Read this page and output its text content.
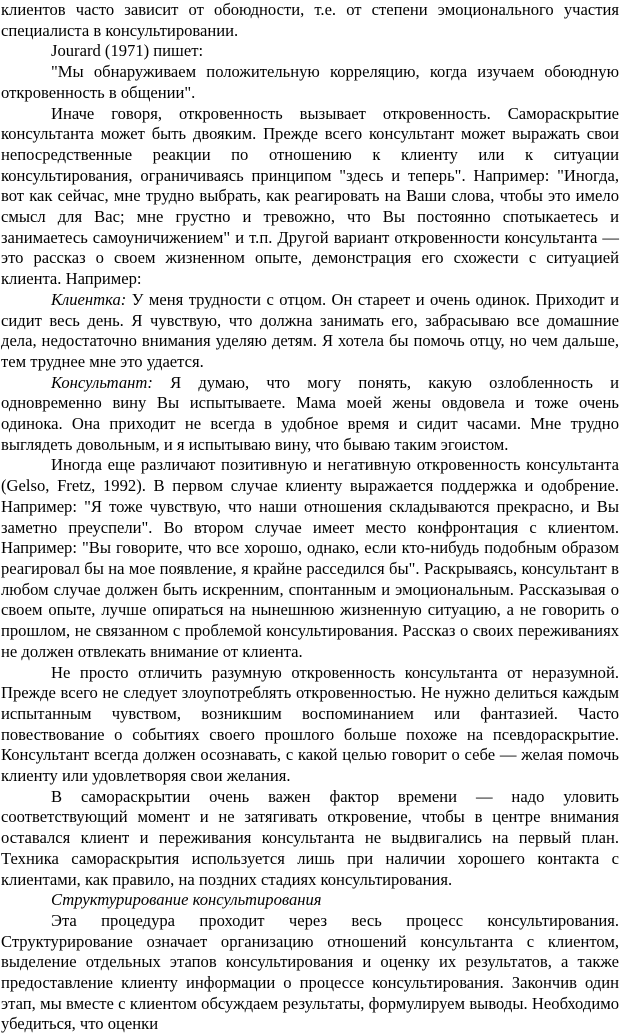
клиентов часто зависит от обоюдности, т.е. от степени эмоционального участия специалиста в консультировании.

Jourard (1971) пишет:

"Мы обнаруживаем положительную корреляцию, когда изучаем обоюдную откровенность в общении".

Иначе говоря, откровенность вызывает откровенность. Самораскрытие консультанта может быть двояким. Прежде всего консультант может выражать свои непосредственные реакции по отношению к клиенту или к ситуации консультирования, ограничиваясь принципом "здесь и теперь". Например: "Иногда, вот как сейчас, мне трудно выбрать, как реагировать на Ваши слова, чтобы это имело смысл для Вас; мне грустно и тревожно, что Вы постоянно спотыкаетесь и занимаетесь самоуничижением" и т.п. Другой вариант откровенности консультанта — это рассказ о своем жизненном опыте, демонстрация его схожести с ситуацией клиента. Например:

Клиентка: У меня трудности с отцом. Он стареет и очень одинок. Приходит и сидит весь день. Я чувствую, что должна занимать его, забрасываю все домашние дела, недостаточно внимания уделяю детям. Я хотела бы помочь отцу, но чем дальше, тем труднее мне это удается.

Консультант: Я думаю, что могу понять, какую озлобленность и одновременно вину Вы испытываете. Мама моей жены овдовела и тоже очень одинока. Она приходит не всегда в удобное время и сидит часами. Мне трудно выглядеть довольным, и я испытываю вину, что бываю таким эгоистом.

Иногда еще различают позитивную и негативную откровенность консультанта (Gelso, Fretz, 1992). В первом случае клиенту выражается поддержка и одобрение. Например: "Я тоже чувствую, что наши отношения складываются прекрасно, и Вы заметно преуспели". Во втором случае имеет место конфронтация с клиентом. Например: "Вы говорите, что все хорошо, однако, если кто-нибудь подобным образом реагировал бы на мое появление, я крайне расседился бы". Раскрываясь, консультант в любом случае должен быть искренним, спонтанным и эмоциональным. Рассказывая о своем опыте, лучше опираться на нынешнюю жизненную ситуацию, а не говорить о прошлом, не связанном с проблемой консультирования. Рассказ о своих переживаниях не должен отвлекать внимание от клиента.

Не просто отличить разумную откровенность консультанта от неразумной. Прежде всего не следует злоупотреблять откровенностью. Не нужно делиться каждым испытанным чувством, возникшим воспоминанием или фантазией. Часто повествование о событиях своего прошлого больше похоже на псевдораскрытие. Консультант всегда должен осознавать, с какой целью говорит о себе — желая помочь клиенту или удовлетворяя свои желания.

В самораскрытии очень важен фактор времени — надо уловить соответствующий момент и не затягивать откровение, чтобы в центре внимания оставался клиент и переживания консультанта не выдвигались на первый план. Техника самораскрытия используется лишь при наличии хорошего контакта с клиентами, как правило, на поздних стадиях консультирования.

Структурирование консультирования

Эта процедура проходит через весь процесс консультирования. Структурирование означает организацию отношений консультанта с клиентом, выделение отдельных этапов консультирования и оценку их результатов, а также предоставление клиенту информации о процессе консультирования. Закончив один этап, мы вместе с клиентом обсуждаем результаты, формулируем выводы. Необходимо убедиться, что оценки
